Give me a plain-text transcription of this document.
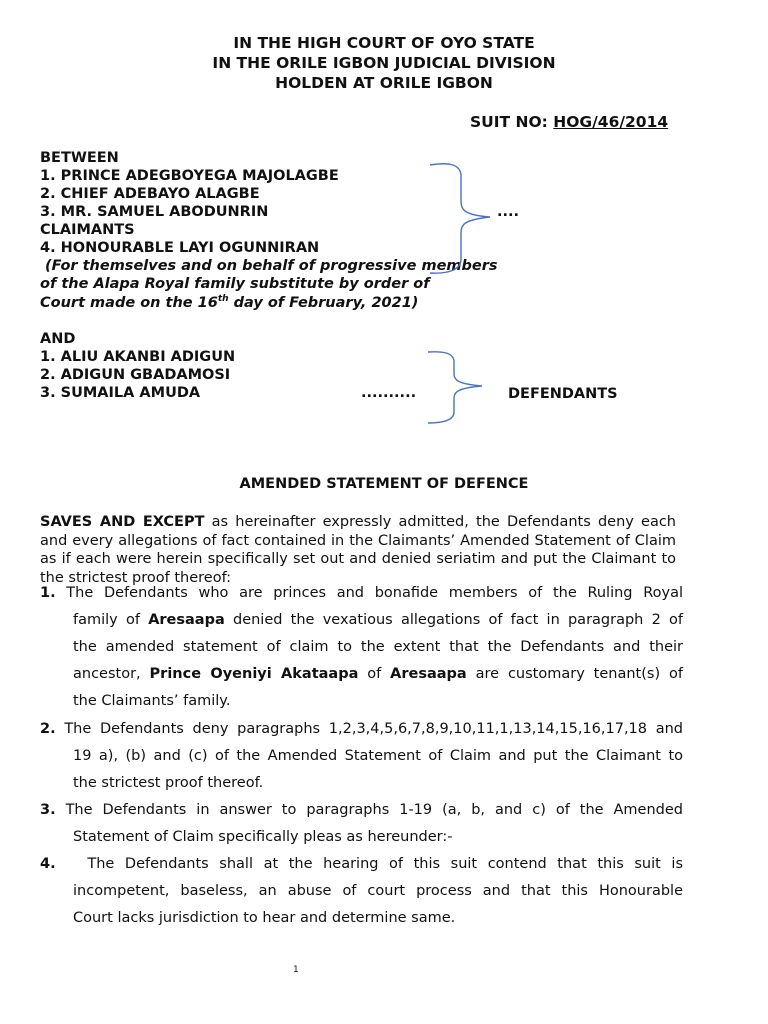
IN THE HIGH COURT OF OYO STATE
IN THE ORILE IGBON JUDICIAL DIVISION
HOLDEN AT ORILE IGBON
SUIT NO: HOG/46/2014
BETWEEN
1. PRINCE ADEGBOYEGA MAJOLAGBE
2. CHIEF ADEBAYO ALAGBE
3. MR. SAMUEL ABODUNRIN	....
CLAIMANTS
4. HONOURABLE LAYI OGUNNIRAN
(For themselves and on behalf of progressive members
of the Alapa Royal family substitute by order of
Court made on the 16th day of February, 2021)
AND
1. ALIU AKANBI ADIGUN
2. ADIGUN GBADAMOSI
3. SUMAILA AMUDA	..........	DEFENDANTS
AMENDED STATEMENT OF DEFENCE
SAVES AND EXCEPT as hereinafter expressly admitted, the Defendants deny each and every allegations of fact contained in the Claimants’ Amended Statement of Claim as if each were herein specifically set out and denied seriatim and put the Claimant to the strictest proof thereof:
1. The Defendants who are princes and bonafide members of the Ruling Royal
family of Aresaapa denied the vexatious allegations of fact in paragraph 2 of
the amended statement of claim to the extent that the Defendants and their
ancestor, Prince Oyeniyi Akataapa of Aresaapa are customary tenant(s) of
the Claimants’ family.
2. The Defendants deny paragraphs 1,2,3,4,5,6,7,8,9,10,11,1,13,14,15,16,17,18 and
19 a), (b) and (c) of the Amended Statement of Claim and put the Claimant to
the strictest proof thereof.
3. The Defendants in answer to paragraphs 1-19 (a, b, and c) of the Amended
Statement of Claim specifically pleas as hereunder:-
4.   The Defendants shall at the hearing of this suit contend that this suit is
incompetent, baseless, an abuse of court process and that this Honourable
Court lacks jurisdiction to hear and determine same.
1
